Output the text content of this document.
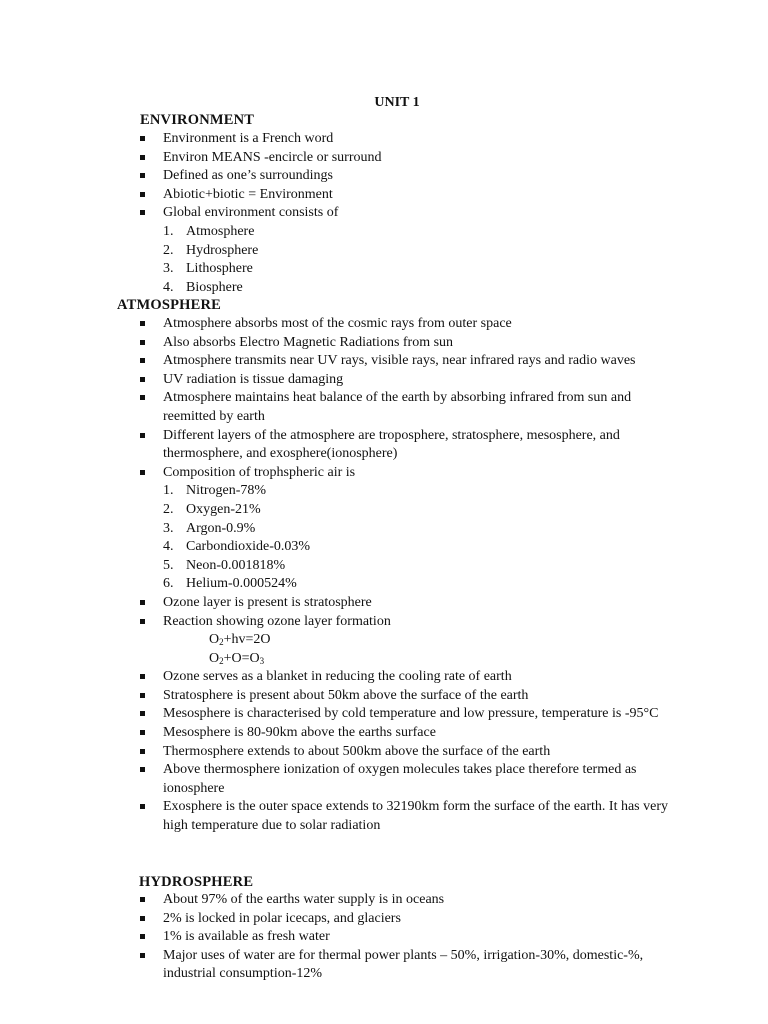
UNIT 1
ENVIRONMENT
Environment is a French word
Environ MEANS -encircle or surround
Defined as one’s surroundings
Abiotic+biotic = Environment
Global environment consists of
1. Atmosphere
2. Hydrosphere
3. Lithosphere
4. Biosphere
ATMOSPHERE
Atmosphere absorbs most of the cosmic rays from outer space
Also absorbs Electro Magnetic Radiations from sun
Atmosphere transmits near UV rays, visible rays, near infrared rays and radio waves
UV radiation is tissue damaging
Atmosphere maintains heat balance of the earth by absorbing infrared from sun and reemitted by earth
Different layers of the atmosphere are troposphere, stratosphere, mesosphere, and thermosphere, and exosphere(ionosphere)
Composition of trophspheric air is
1. Nitrogen-78%
2. Oxygen-21%
3. Argon-0.9%
4. Carbondioxide-0.03%
5. Neon-0.001818%
6. Helium-0.000524%
Ozone layer is present is stratosphere
Reaction showing ozone layer formation
$O_2+hv=2O$
$O_2+O=O_3$
Ozone serves as a blanket in reducing the cooling rate of earth
Stratosphere is present about 50km above the surface of the earth
Mesosphere is characterised by cold temperature and low pressure, temperature is -95°C
Mesosphere is 80-90km above the earths surface
Thermosphere extends to about 500km above the surface of the earth
Above thermosphere ionization of oxygen molecules takes place therefore termed as ionosphere
Exosphere is the outer space extends to 32190km form the surface of the earth. It has very high temperature due to solar radiation
HYDROSPHERE
About 97% of the earths water supply is in oceans
2% is locked in polar icecaps, and glaciers
1% is available as fresh water
Major uses of water are for thermal power plants – 50%, irrigation-30%, domestic-%, industrial consumption-12%
